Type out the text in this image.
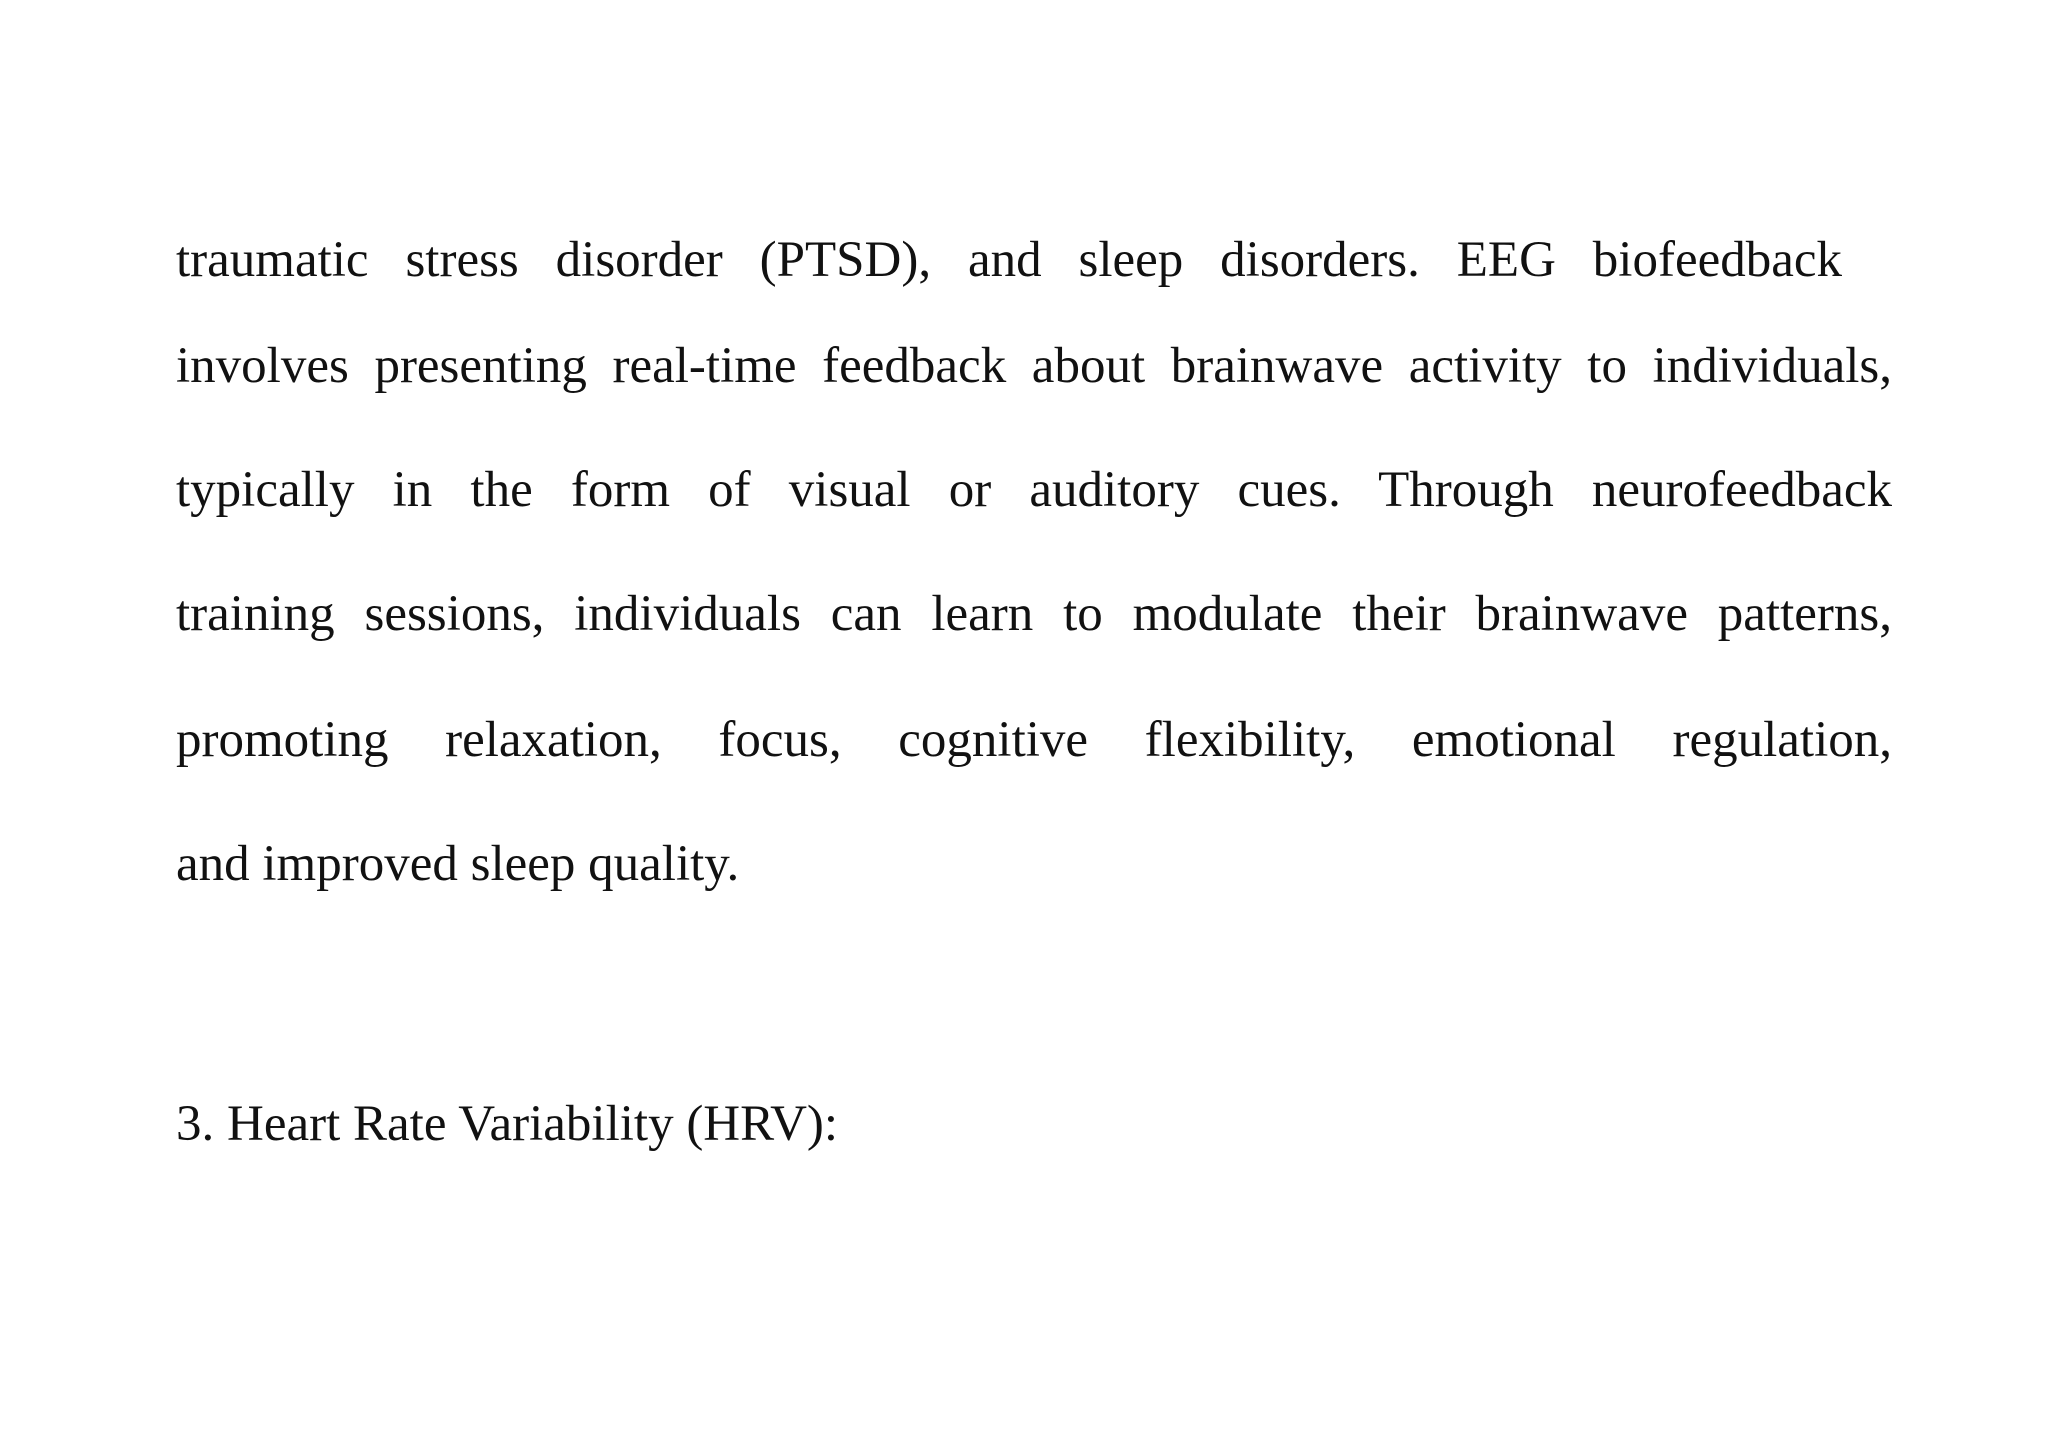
traumatic stress disorder (PTSD), and sleep disorders. EEG biofeedback
involves presenting real-time feedback about brainwave activity to individuals,
typically in the form of visual or auditory cues. Through neurofeedback
training sessions, individuals can learn to modulate their brainwave patterns,
promoting relaxation, focus, cognitive flexibility, emotional regulation,
and improved sleep quality.
3. Heart Rate Variability (HRV):
